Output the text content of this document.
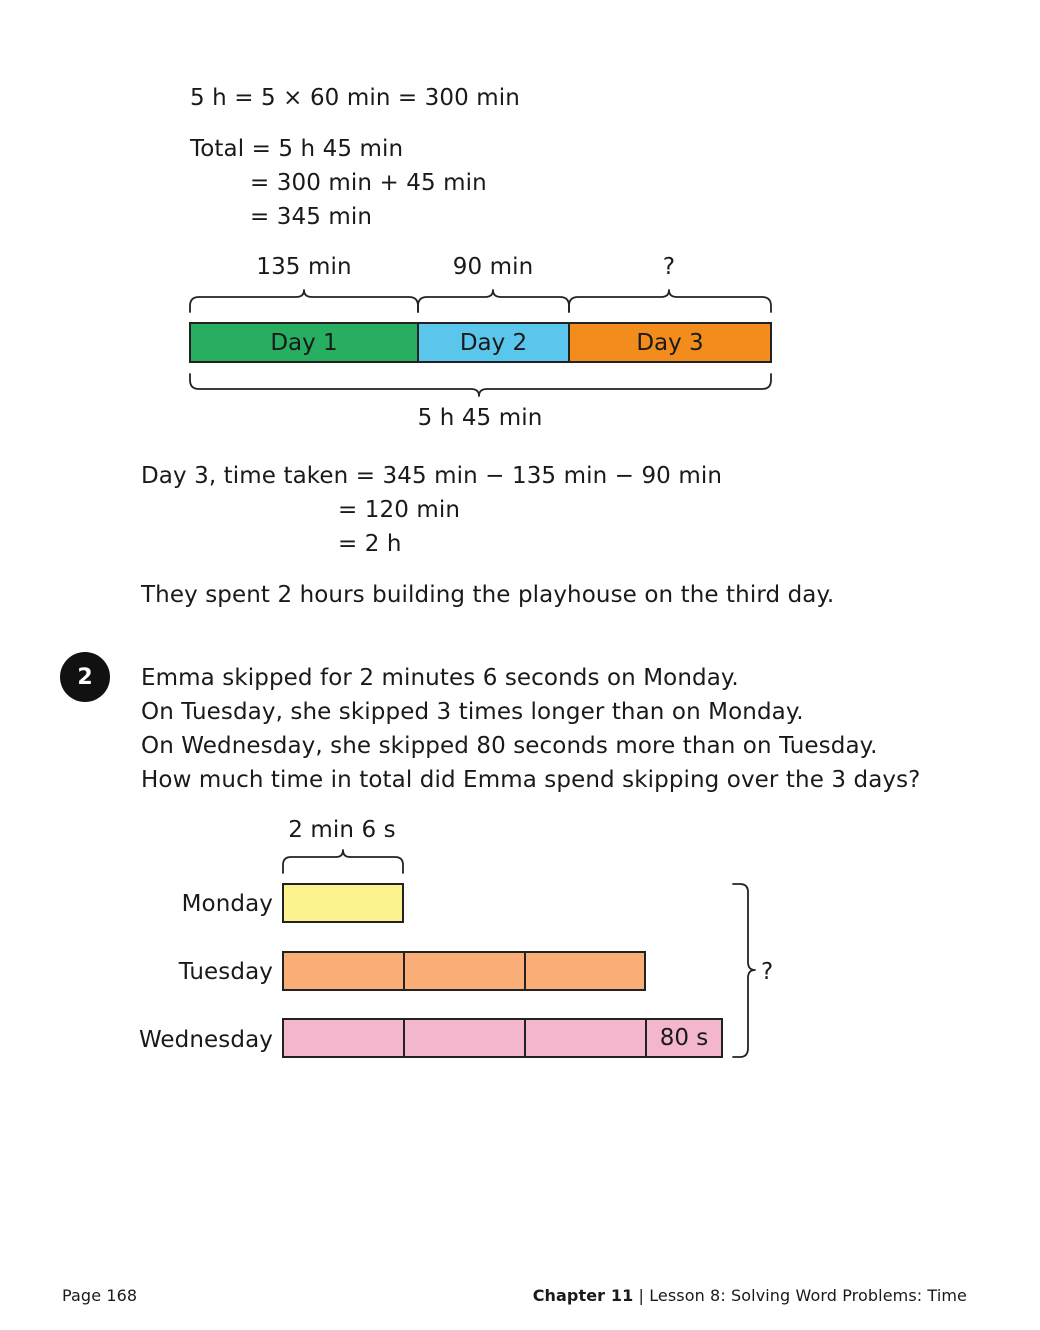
5 h = 5 × 60 min = 300 min
Total = 5 h 45 min
= 300 min + 45 min
= 345 min
135 min	90 min	?
Day 1	Day 2	Day 3
5 h 45 min
Day 3, time taken = 345 min − 135 min − 90 min
= 120 min
= 2 h
They spent 2 hours building the playhouse on the third day.
2	Emma skipped for 2 minutes 6 seconds on Monday.
On Tuesday, she skipped 3 times longer than on Monday.
On Wednesday, she skipped 80 seconds more than on Tuesday.
How much time in total did Emma spend skipping over the 3 days?
2 min 6 s
Monday
Tuesday
Wednesday	80 s
?
Page 168	Chapter 11 | Lesson 8: Solving Word Problems: Time
